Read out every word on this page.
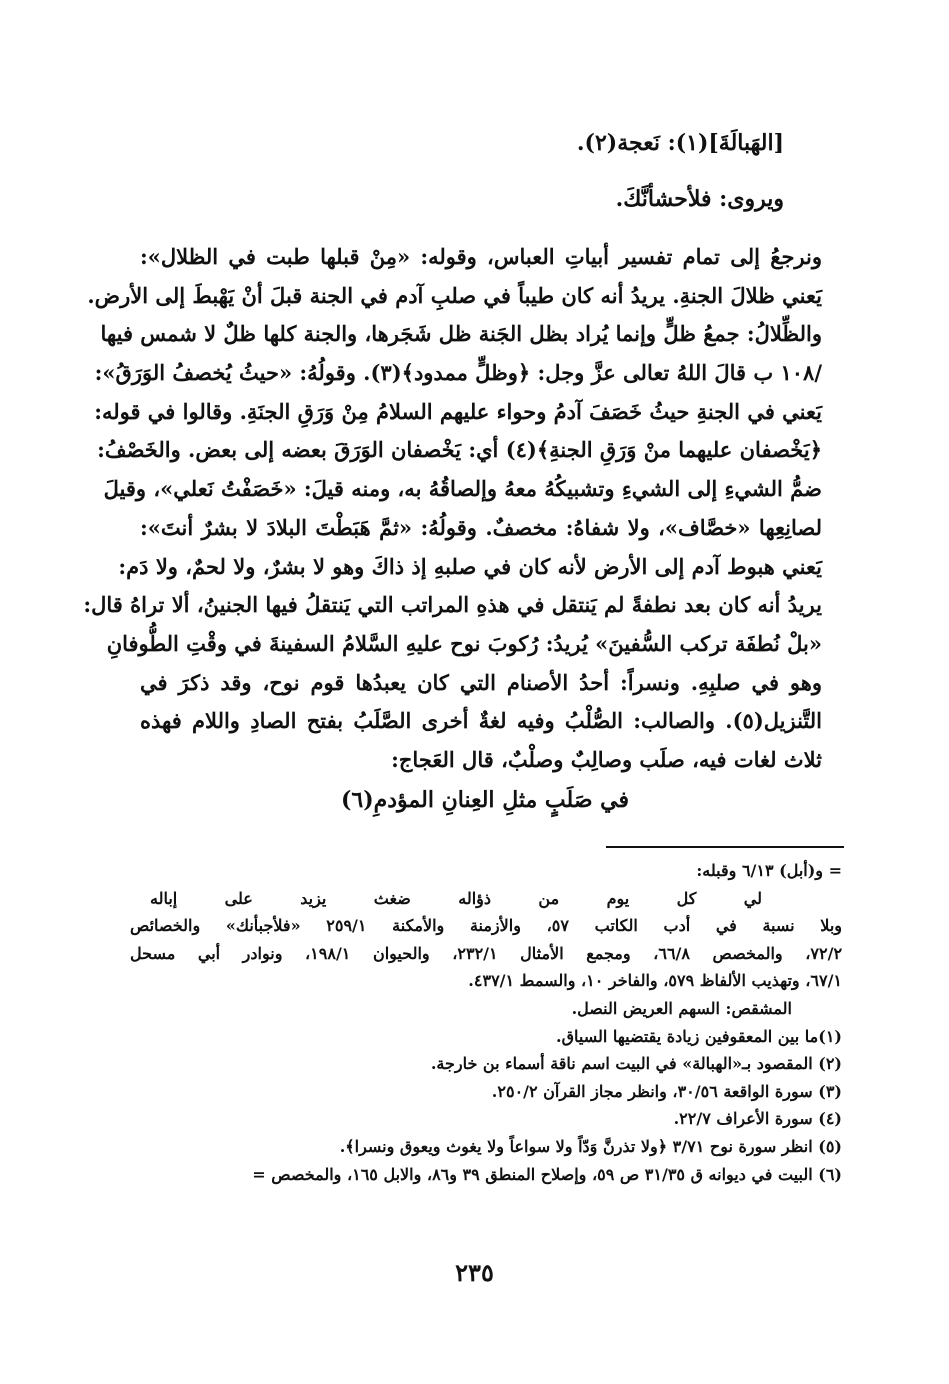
[الهَبالَةَ](١): نَعجة(٢).
ويروى: فلأحشأنَّكَ.
ونرجعُ إلى تمام تفسير أبياتِ العباس، وقوله: «مِنْ قبلها طبت في الظلال»:
يَعني ظلالَ الجنةِ. يريدُ أنه كان طيباً في صلبِ آدم في الجنة قبلَ أنْ يَهْبطَ إلى الأرض.
والظِّلالُ: جمعُ ظلٍّ وإنما يُراد بظل الجَنة ظل شَجَرها، والجنة كلها ظلٌ لا شمس فيها
/١٠٨ ب قالَ اللهُ تعالى عزَّ وجل: ﴿وظلٍّ ممدود﴾(٣). وقولُهُ: «حيثُ يُخصفُ الوَرَقُ»:
يَعني في الجنةِ حيثُ خَصَفَ آدمُ وحواء عليهم السلامُ مِنْ وَرَقِ الجنَةِ. وقالوا في قوله:
﴿يَخْصفان عليهما منْ وَرَقِ الجنةِ﴾(٤) أي: يَخْصفان الوَرَقَ بعضه إلى بعض. والخَصْفُ:
ضمُّ الشيءِ إلى الشيءِ وتشبيكُهُ معهُ وإلصاقُهُ به، ومنه قيلَ: «خَصَفْتُ نَعلي»، وقيلَ
لصانِعِها «خصَّاف»، ولا شفاهُ: مخصفٌ. وقولُهُ: «ثمَّ هَبَطْتَ البلادَ لا بشرٌ أنتَ»:
يَعني هبوط آدم إلى الأرض لأنه كان في صلبهِ إذ ذاكَ وهو لا بشرٌ، ولا لحمٌ، ولا دَم:
يريدُ أنه كان بعد نطفةً لم يَنتقل في هذهِ المراتب التي يَنتقلُ فيها الجنينُ، ألا تراهُ قال:
«بلْ نُطفَة تركب السُّفينَ» يُريدُ: رُكوبَ نوح عليهِ السَّلامُ السفينةَ في وقْتِ الطُّوفانِ
وهو في صلبِهِ. ونسراً: أحدُ الأصنام التي كان يعبدُها قوم نوح، وقد ذكرَ في
التَّنزيل(٥). والصالب: الصُّلْبُ وفيه لغةٌ أخرى الصَّلَبُ بفتح الصادِ واللام فهذه
ثلاث لغات فيه، صلَب وصالِبٌ وصلْبٌ، قال العَجاج:
في صَلَبٍ مثلِ العِنانِ المؤدمِ(٦)
= و(أبل) ٦/١٣ وقبله:
لي كل يوم من ذؤاله ضغث يزيد على إباله
وبلا نسبة في أدب الكاتب ٥٧، والأزمنة والأمكنة ٢٥٩/١ «فلأجبأنك» والخصائص
٧٢/٢، والمخصص ٦٦/٨، ومجمع الأمثال ٢٣٢/١، والحيوان ١٩٨/١، ونوادر أبي مسحل
٦٧/١، وتهذيب الألفاظ ٥٧٩، والفاخر ١٠، والسمط ٤٣٧/١.
المشقص: السهم العريض النصل.
(١)ما بين المعقوفين زيادة يقتضيها السياق.
(٢) المقصود بـ«الهبالة» في البيت اسم ناقة أسماء بن خارجة.
(٣) سورة الواقعة ٣٠/٥٦، وانظر مجاز القرآن ٢٥٠/٢.
(٤) سورة الأعراف ٢٢/٧.
(٥) انظر سورة نوح ٣/٧١ ﴿ولا تذرنَّ وَدّاً ولا سواعاً ولا يغوث ويعوق ونسرا﴾.
(٦) البيت في ديوانه ق ٣١/٣٥ ص ٥٩، وإصلاح المنطق ٣٩ و٨٦، والابل ١٦٥، والمخصص =
٢٣٥
